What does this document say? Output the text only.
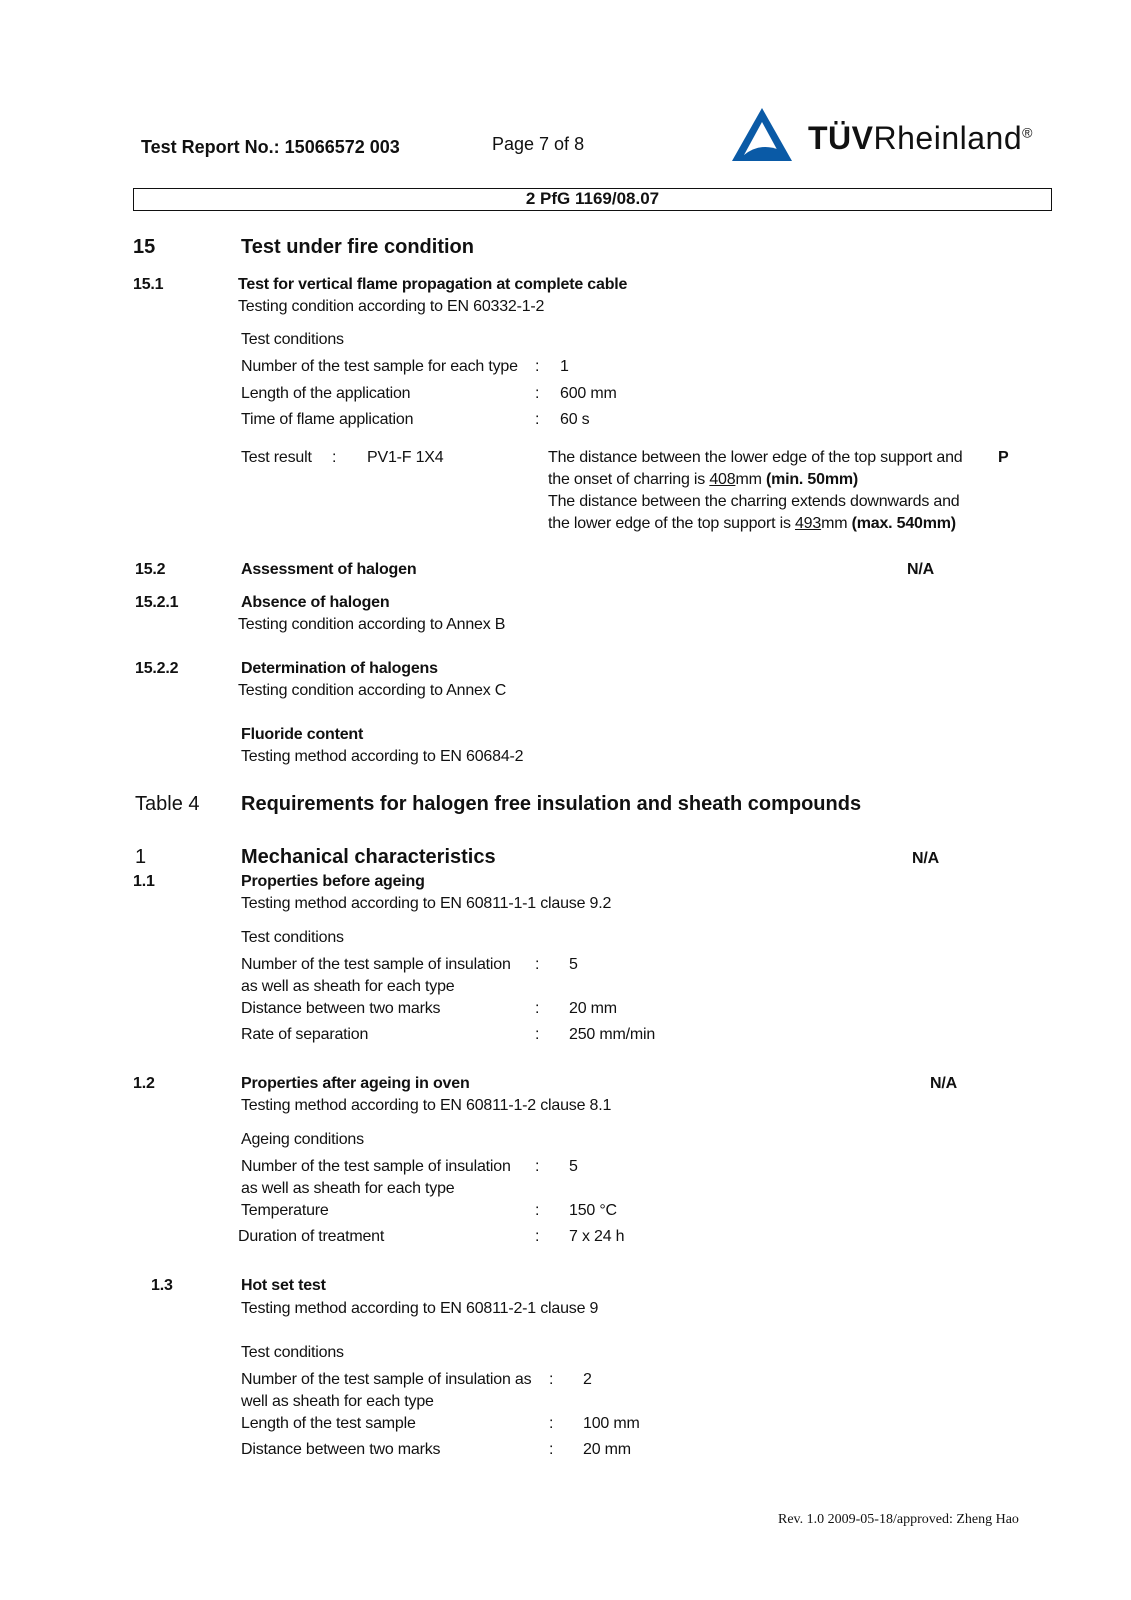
Test Report No.: 15066572 003	Page 7 of 8	TÜVRheinland®
2 PfG 1169/08.07
15	Test under fire condition
15.1	Test for vertical flame propagation at complete cable
Testing condition according to EN 60332-1-2
Test conditions
Number of the test sample for each type : 1
Length of the application	: 600 mm
Time of flame application	: 60 s
Test result : PV1-F 1X4	The distance between the lower edge of the top support and
the onset of charring is 408mm (min. 50mm)
The distance between the charring extends downwards and
the lower edge of the top support is 493mm (max. 540mm)
P
15.2	Assessment of halogen	N/A
15.2.1	Absence of halogen
Testing condition according to Annex B
15.2.2	Determination of halogens
Testing condition according to Annex C
Fluoride content
Testing method according to EN 60684-2
Table 4 Requirements for halogen free insulation and sheath compounds
1	Mechanical characteristics	N/A
1.1	Properties before ageing
Testing method according to EN 60811-1-1 clause 9.2
Test conditions
Number of the test sample of insulation
as well as sheath for each type
: 5
Distance between two marks	: 20 mm
Rate of separation	: 250 mm/min
1.2	Properties after ageing in oven	N/A
Testing method according to EN 60811-1-2 clause 8.1
Ageing conditions
Number of the test sample of insulation
as well as sheath for each type
: 5
Temperature	: 150 °C
Duration of treatment	: 7 x 24 h
1.3	Hot set test
Testing method according to EN 60811-2-1 clause 9
Test conditions
Number of the test sample of insulation as
well as sheath for each type
: 2
Length of the test sample	: 100 mm
Distance between two marks	: 20 mm
Rev. 1.0 2009-05-18/approved: Zheng Hao
